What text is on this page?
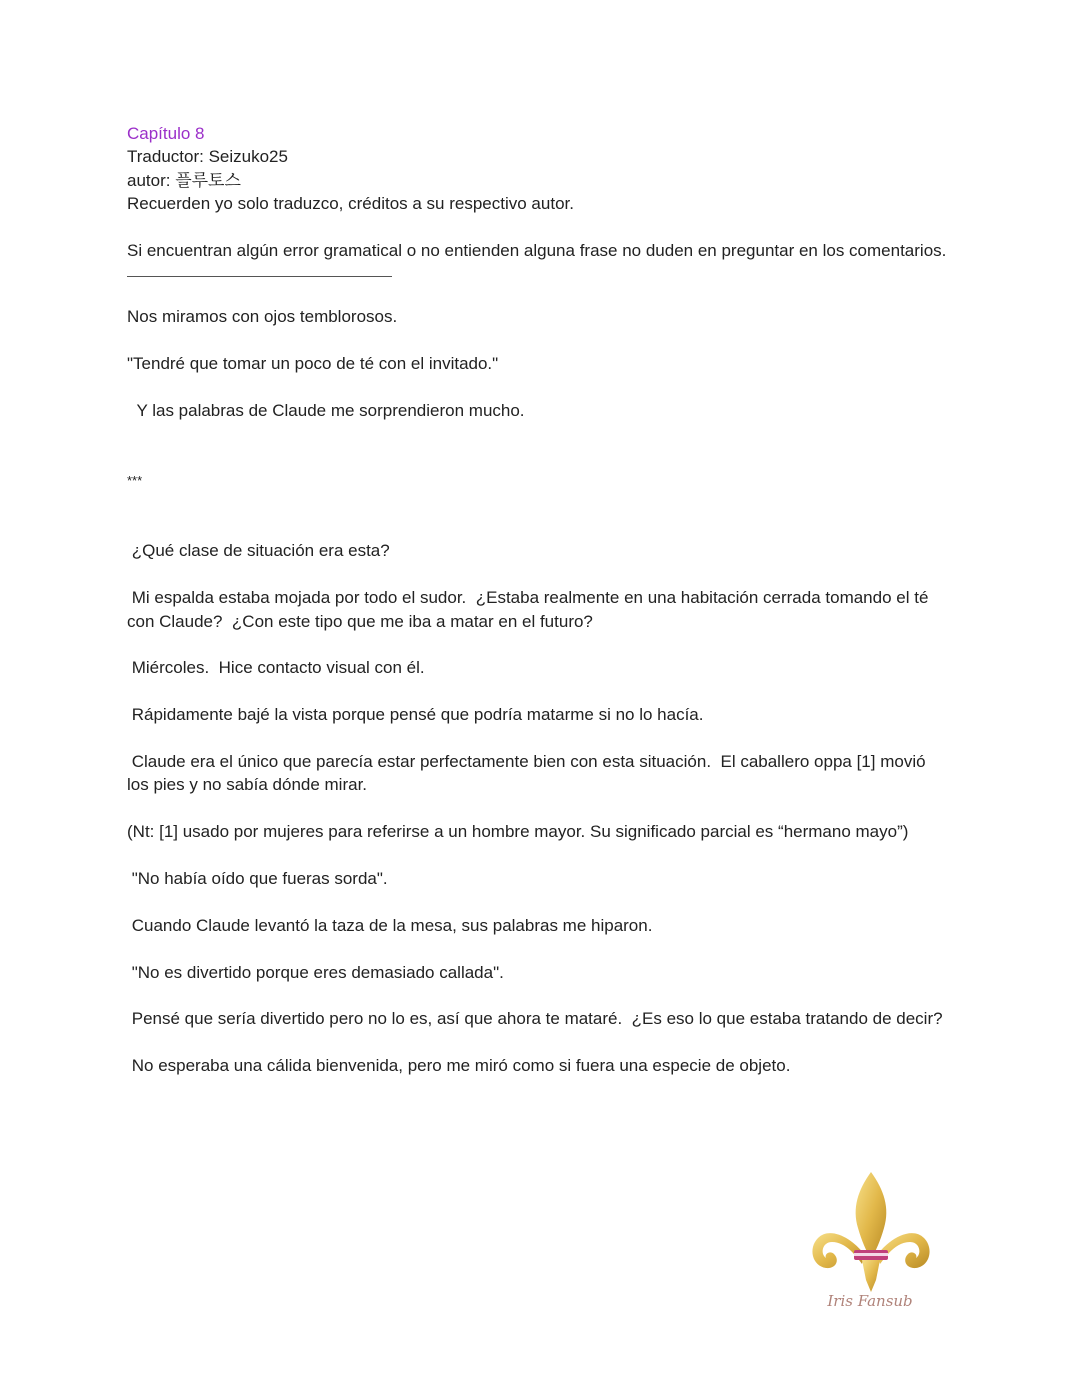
Capítulo 8

Traductor: Seizuko25

autor: 플루토스

Recuerden yo solo traduzco, créditos a su respectivo autor.

Si encuentran algún error gramatical o no entienden alguna frase no duden en preguntar en los comentarios.

Nos miramos con ojos temblorosos.

"Tendré que tomar un poco de té con el invitado."

Y las palabras de Claude me sorprendieron mucho.

***

¿Qué clase de situación era esta?

Mi espalda estaba mojada por todo el sudor.  ¿Estaba realmente en una habitación cerrada tomando el té con Claude?  ¿Con este tipo que me iba a matar en el futuro?

Miércoles.  Hice contacto visual con él.

Rápidamente bajé la vista porque pensé que podría matarme si no lo hacía.

Claude era el único que parecía estar perfectamente bien con esta situación.  El caballero oppa [1] movió los pies y no sabía dónde mirar.

(Nt: [1] usado por mujeres para referirse a un hombre mayor. Su significado parcial es “hermano mayo”)

"No había oído que fueras sorda".

Cuando Claude levantó la taza de la mesa, sus palabras me hiparon.

"No es divertido porque eres demasiado callada".

Pensé que sería divertido pero no lo es, así que ahora te mataré.  ¿Es eso lo que estaba tratando de decir?

No esperaba una cálida bienvenida, pero me miró como si fuera una especie de objeto.

Iris Fansub
